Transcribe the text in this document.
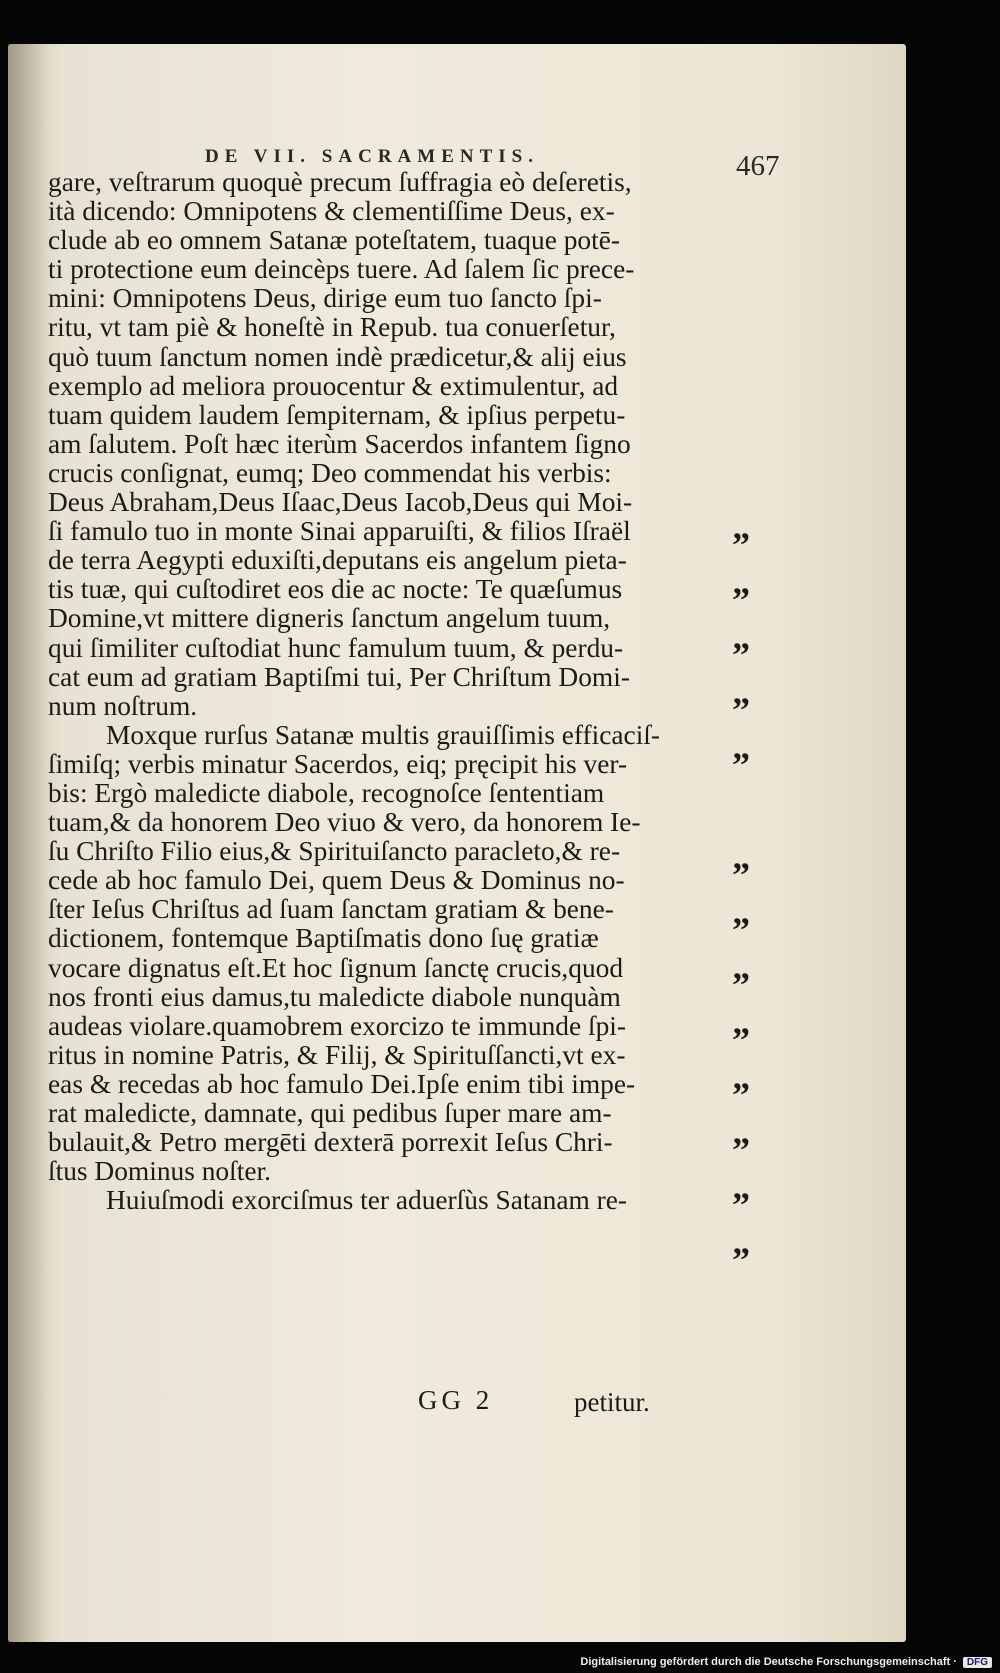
DE VII. SACRAMENTIS.	467
gare, veſtrarum quoquè precum ſuffragia eò deſeretis,
ità dicendo: Omnipotens & clementiſſime Deus, ex-
clude ab eo omnem Satanæ poteſtatem, tuaque potē-
ti protectione eum deincèps tuere. Ad ſalem ſic prece-
mini: Omnipotens Deus, dirige eum tuo ſancto ſpi-
ritu, vt tam piè & honeſtè in Repub. tua conuerſetur,
quò tuum ſanctum nomen indè prædicetur,& alij eius
exemplo ad meliora prouocentur & extimulentur, ad
tuam quidem laudem ſempiternam, & ipſius perpetu-
am ſalutem. Poſt hæc iterùm Sacerdos infantem ſigno
crucis conſignat, eumq; Deo commendat his verbis:
Deus Abraham,Deus Iſaac,Deus Iacob,Deus qui Moi-
ſi famulo tuo in monte Sinai apparuiſti, & filios Iſraël
de terra Aegypti eduxiſti,deputans eis angelum pieta-
tis tuæ, qui cuſtodiret eos die ac nocte: Te quæſumus
Domine,vt mittere digneris ſanctum angelum tuum,
qui ſimiliter cuſtodiat hunc famulum tuum, & perdu-
cat eum ad gratiam Baptiſmi tui, Per Chriſtum Domi-
num noſtrum.
Moxque rurſus Satanæ multis grauiſſimis efficaciſ-
ſimiſq; verbis minatur Sacerdos, eiq; pręcipit his ver-
bis: Ergò maledicte diabole, recognoſce ſententiam
tuam,& da honorem Deo viuo & vero, da honorem Ie-
ſu Chriſto Filio eius,& Spirituiſancto paracleto,& re-
cede ab hoc famulo Dei, quem Deus & Dominus no-
ſter Ieſus Chriſtus ad ſuam ſanctam gratiam & bene-
dictionem, fontemque Baptiſmatis dono ſuę gratiæ
vocare dignatus eſt.Et hoc ſignum ſanctę crucis,quod
nos fronti eius damus,tu maledicte diabole nunquàm
audeas violare.quamobrem exorcizo te immunde ſpi-
ritus in nomine Patris, & Filij, & Spirituſſancti,vt ex-
eas & recedas ab hoc famulo Dei.Ipſe enim tibi impe-
rat maledicte, damnate, qui pedibus ſuper mare am-
bulauit,& Petro mergēti dexterā porrexit Ieſus Chri-
ſtus Dominus noſter.
Huiuſmodi exorciſmus ter aduerſùs Satanam re-
”
”
”
”
”
”
”
”
”
”
”
”
”
GG 2	petitur.
Digitalisierung gefördert durch die Deutsche Forschungsgemeinschaft ·	DFG
